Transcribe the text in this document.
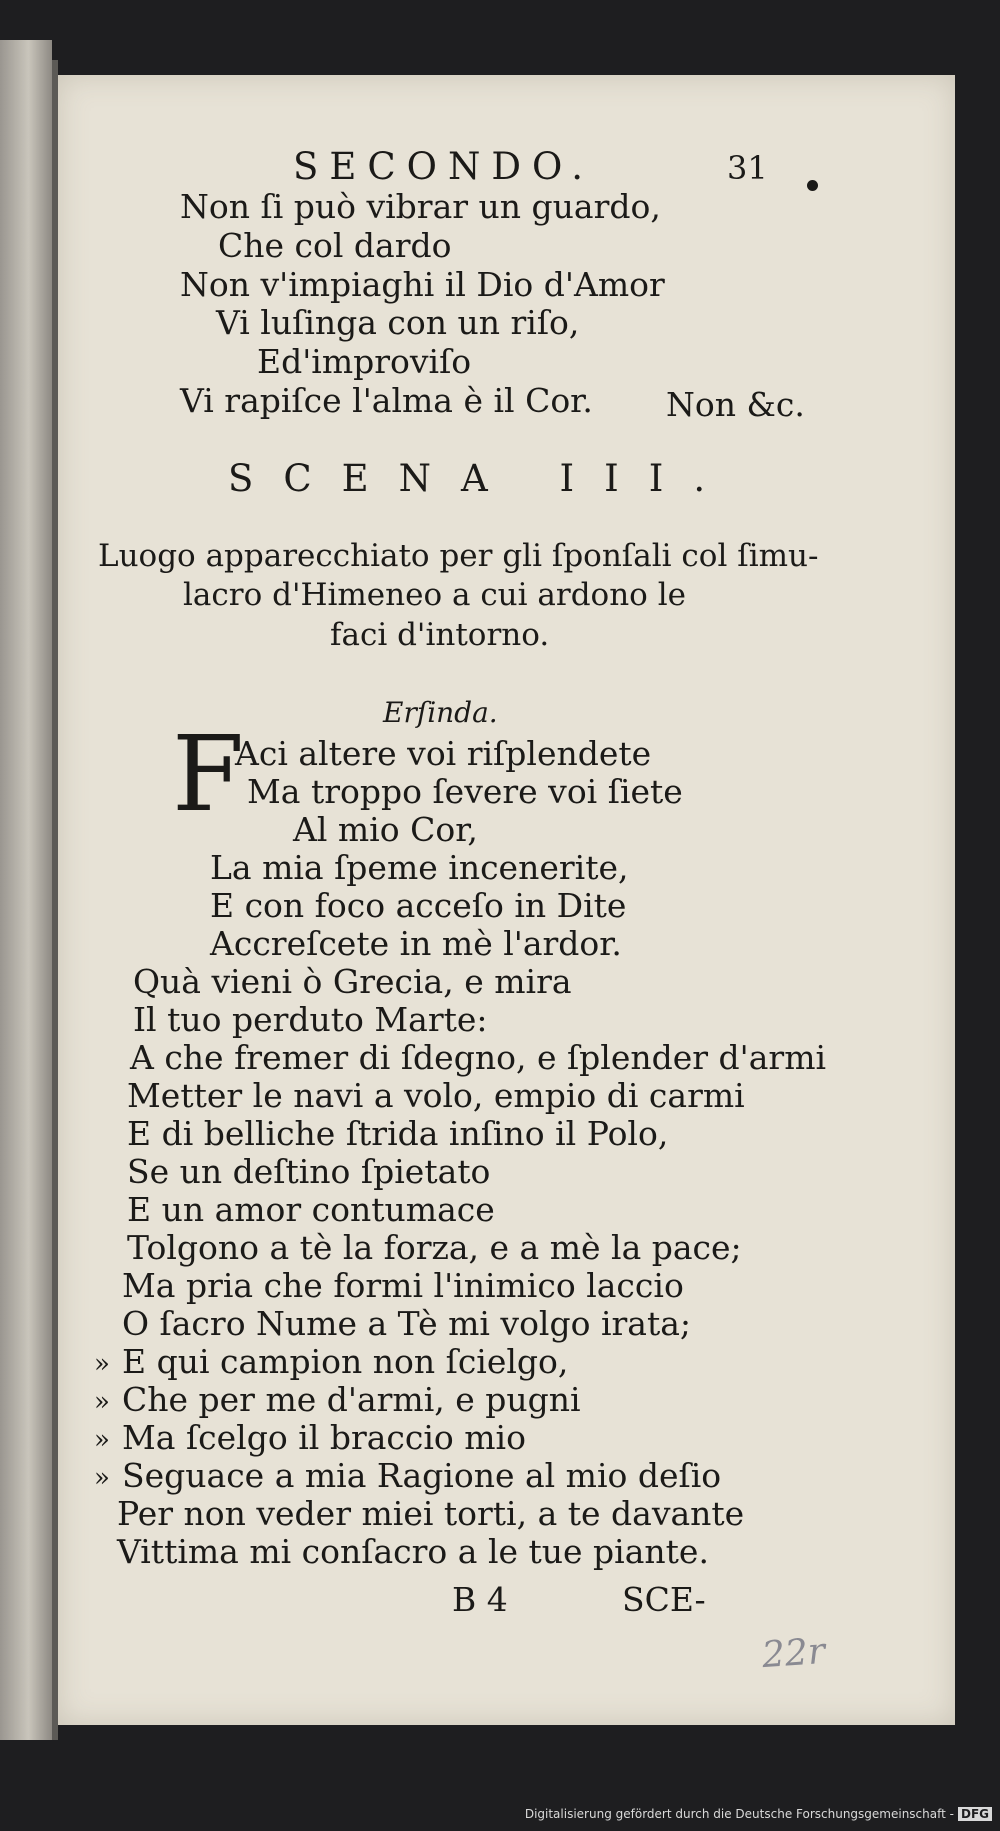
SECONDO.	31
Non ſi può vibrar un guardo,
Che col dardo
Non v'impiaghi il Dio d'Amor
Vi luſinga con un riſo,
Ed'improviſo
Vi rapiſce l'alma è il Cor. Non &c.
SCENA III.
Luogo apparecchiato per gli ſponſali col ſimu-
lacro d'Himeneo a cui ardono le
faci d'intorno.
Erſinda.
F
Aci altere voi riſplendete
Ma troppo ſevere voi ſiete
Al mio Cor,
La mia ſpeme incenerite,
E con foco acceſo in Dite
Accreſcete in mè l'ardor.
Quà vieni ò Grecia, e mira
Il tuo perduto Marte:
A che fremer di ſdegno, e ſplender d'armi
Metter le navi a volo, empio di carmi
E di belliche ſtrida inſino il Polo,
Se un deſtino ſpietato
E un amor contumace
Tolgono a tè la forza, e a mè la pace;
Ma pria che formi l'inimico laccio
O ſacro Nume a Tè mi volgo irata;
E qui campion non ſcielgo,
Che per me d'armi, e pugni
Ma ſcelgo il braccio mio
Seguace a mia Ragione al mio deſio
Per non veder miei torti, a te davante
Vittima mi conſacro a le tue piante.
»
»
»
»
B 4	SCE-
22r
Digitalisierung gefördert durch die Deutsche Forschungsgemeinschaft - DFG
